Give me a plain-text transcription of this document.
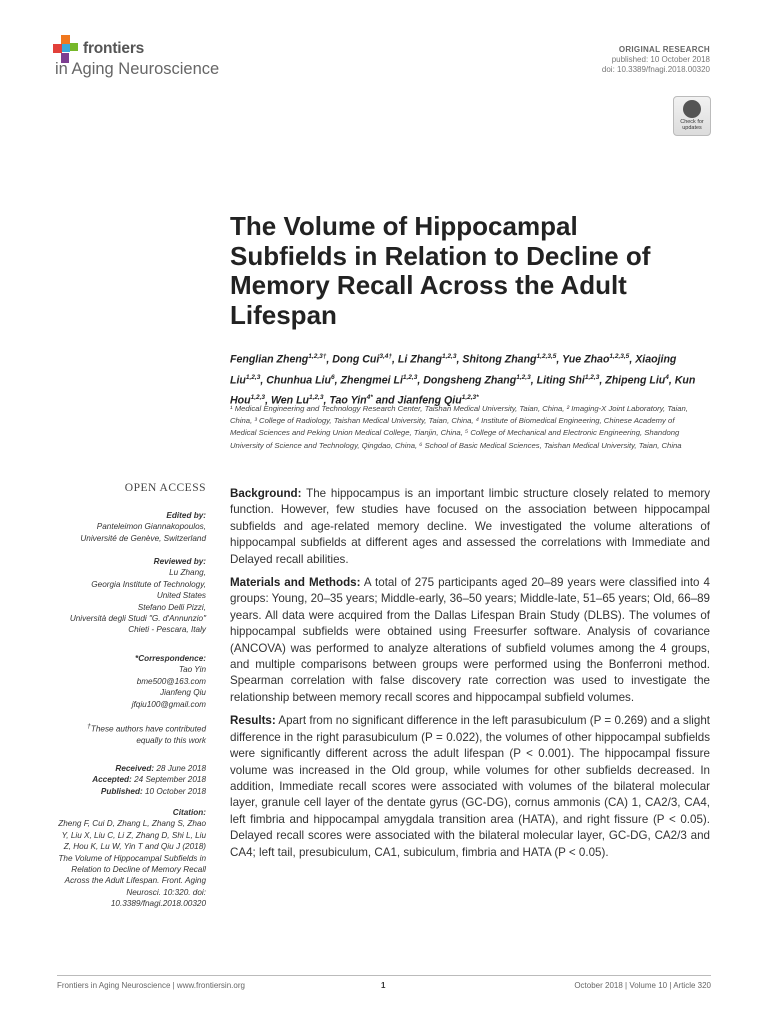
frontiers
in Aging Neuroscience
ORIGINAL RESEARCH
published: 10 October 2018
doi: 10.3389/fnagi.2018.00320
Check for
updates
The Volume of Hippocampal Subfields in Relation to Decline of Memory Recall Across the Adult Lifespan
Fenglian Zheng$^{1,2,3\dagger}$, Dong Cui$^{3,4\dagger}$, Li Zhang$^{1,2,3}$, Shitong Zhang$^{1,2,3,5}$, Yue Zhao$^{1,2,3,5}$, Xiaojing Liu$^{1,2,3}$, Chunhua Liu$^6$, Zhengmei Li$^{1,2,3}$, Dongsheng Zhang$^{1,2,3}$, Liting Shi$^{1,2,3}$, Zhipeng Liu$^4$, Kun Hou$^{1,2,3}$, Wen Lu$^{1,2,3}$, Tao Yin$^{4*}$ and Jianfeng Qiu$^{1,2,3*}$
¹ Medical Engineering and Technology Research Center, Taishan Medical University, Taian, China, ² Imaging-X Joint Laboratory, Taian, China, ³ College of Radiology, Taishan Medical University, Taian, China, ⁴ Institute of Biomedical Engineering, Chinese Academy of Medical Sciences and Peking Union Medical College, Tianjin, China, ⁵ College of Mechanical and Electronic Engineering, Shandong University of Science and Technology, Qingdao, China, ⁶ School of Basic Medical Sciences, Taishan Medical University, Taian, China
OPEN ACCESS

Edited by:

Panteleimon Giannakopoulos,

Université de Genève, Switzerland

Reviewed by:

Lu Zhang,

Georgia Institute of Technology,

United States

Stefano Delli Pizzi,

Università degli Studi "G. d'Annunzio"

Chieti - Pescara, Italy

*Correspondence:

Tao Yin

bme500@163.com

Jianfeng Qiu

jfqiu100@gmail.com

†These authors have contributed equally to this work

Received: 28 June 2018

Accepted: 24 September 2018

Published: 10 October 2018

Citation:

Zheng F, Cui D, Zhang L, Zhang S, Zhao Y, Liu X, Liu C, Li Z, Zhang D, Shi L, Liu Z, Hou K, Lu W, Yin T and Qiu J (2018) The Volume of Hippocampal Subfields in Relation to Decline of Memory Recall Across the Adult Lifespan. Front. Aging Neurosci. 10:320. doi: 10.3389/fnagi.2018.00320

Background: The hippocampus is an important limbic structure closely related to memory function. However, few studies have focused on the association between hippocampal subfields and age-related memory decline. We investigated the volume alterations of hippocampal subfields at different ages and assessed the correlations with Immediate and Delayed recall abilities.

Materials and Methods: A total of 275 participants aged 20–89 years were classified into 4 groups: Young, 20–35 years; Middle-early, 36–50 years; Middle-late, 51–65 years; Old, 66–89 years. All data were acquired from the Dallas Lifespan Brain Study (DLBS). The volumes of hippocampal subfields were obtained using Freesurfer software. Analysis of covariance (ANCOVA) was performed to analyze alterations of subfield volumes among the 4 groups, and multiple comparisons between groups were performed using the Bonferroni method. Spearman correlation with false discovery rate correction was used to investigate the relationship between memory recall scores and hippocampal subfield volumes.

Results: Apart from no significant difference in the left parasubiculum (P = 0.269) and a slight difference in the right parasubiculum (P = 0.022), the volumes of other hippocampal subfields were significantly different across the adult lifespan (P < 0.001). The hippocampal fissure volume was increased in the Old group, while volumes for other subfields decreased. In addition, Immediate recall scores were associated with volumes of the bilateral molecular layer, granule cell layer of the dentate gyrus (GC-DG), cornus ammonis (CA) 1, CA2/3, CA4, left fimbria and hippocampal amygdala transition area (HATA), and right fissure (P < 0.05). Delayed recall scores were associated with the bilateral molecular layer, GC-DG, CA2/3 and CA4; left tail, presubiculum, CA1, subiculum, fimbria and HATA (P < 0.05).

Frontiers in Aging Neuroscience | www.frontiersin.org	1	October 2018 | Volume 10 | Article 320
